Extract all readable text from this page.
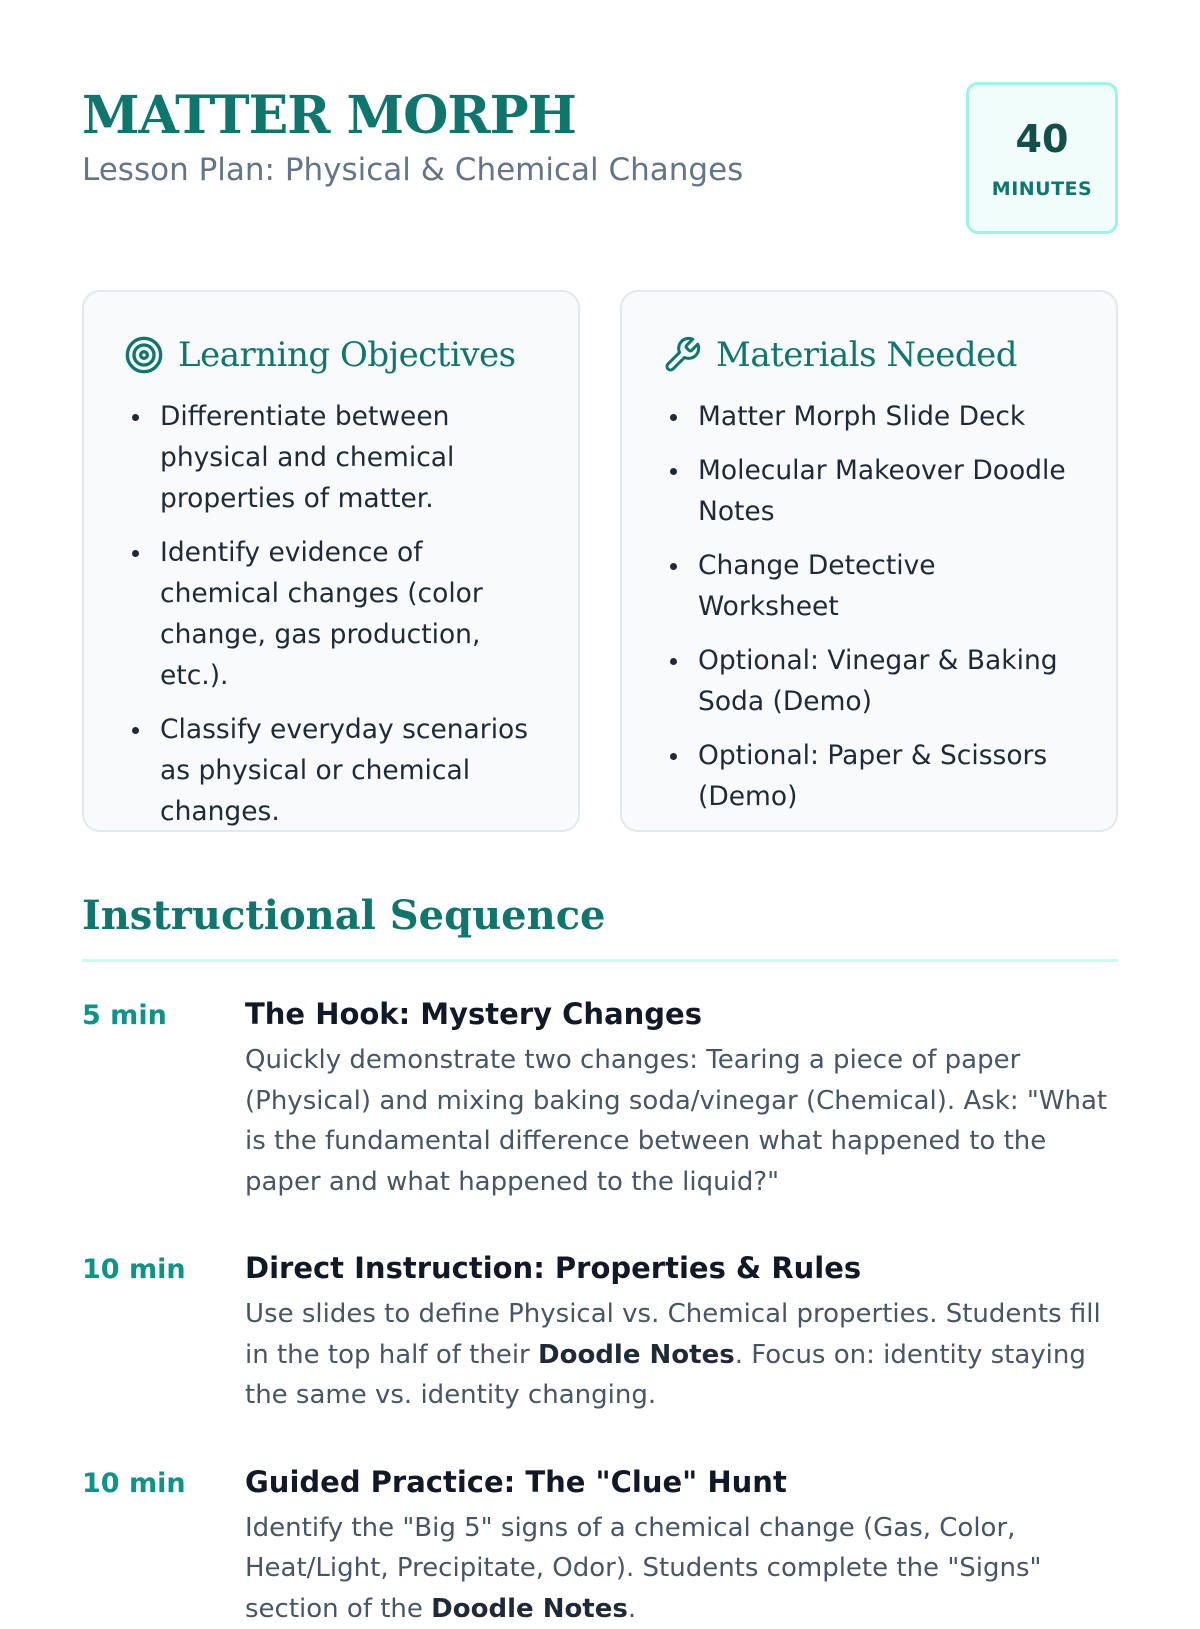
MATTER MORPH
Lesson Plan: Physical & Chemical Changes
40
MINUTES
Learning Objectives
Differentiate between physical and chemical properties of matter.
Identify evidence of chemical changes (color change, gas production, etc.).
Classify everyday scenarios as physical or chemical changes.
Materials Needed
Matter Morph Slide Deck
Molecular Makeover Doodle Notes
Change Detective Worksheet
Optional: Vinegar & Baking Soda (Demo)
Optional: Paper & Scissors (Demo)
Instructional Sequence
5 min	The Hook: Mystery Changes
Quickly demonstrate two changes: Tearing a piece of paper (Physical) and mixing baking soda/vinegar (Chemical). Ask: "What is the fundamental difference between what happened to the paper and what happened to the liquid?"
10 min	Direct Instruction: Properties & Rules
Use slides to define Physical vs. Chemical properties. Students fill in the top half of their Doodle Notes. Focus on: identity staying the same vs. identity changing.
10 min	Guided Practice: The "Clue" Hunt
Identify the "Big 5" signs of a chemical change (Gas, Color, Heat/Light, Precipitate, Odor). Students complete the "Signs" section of the Doodle Notes.
